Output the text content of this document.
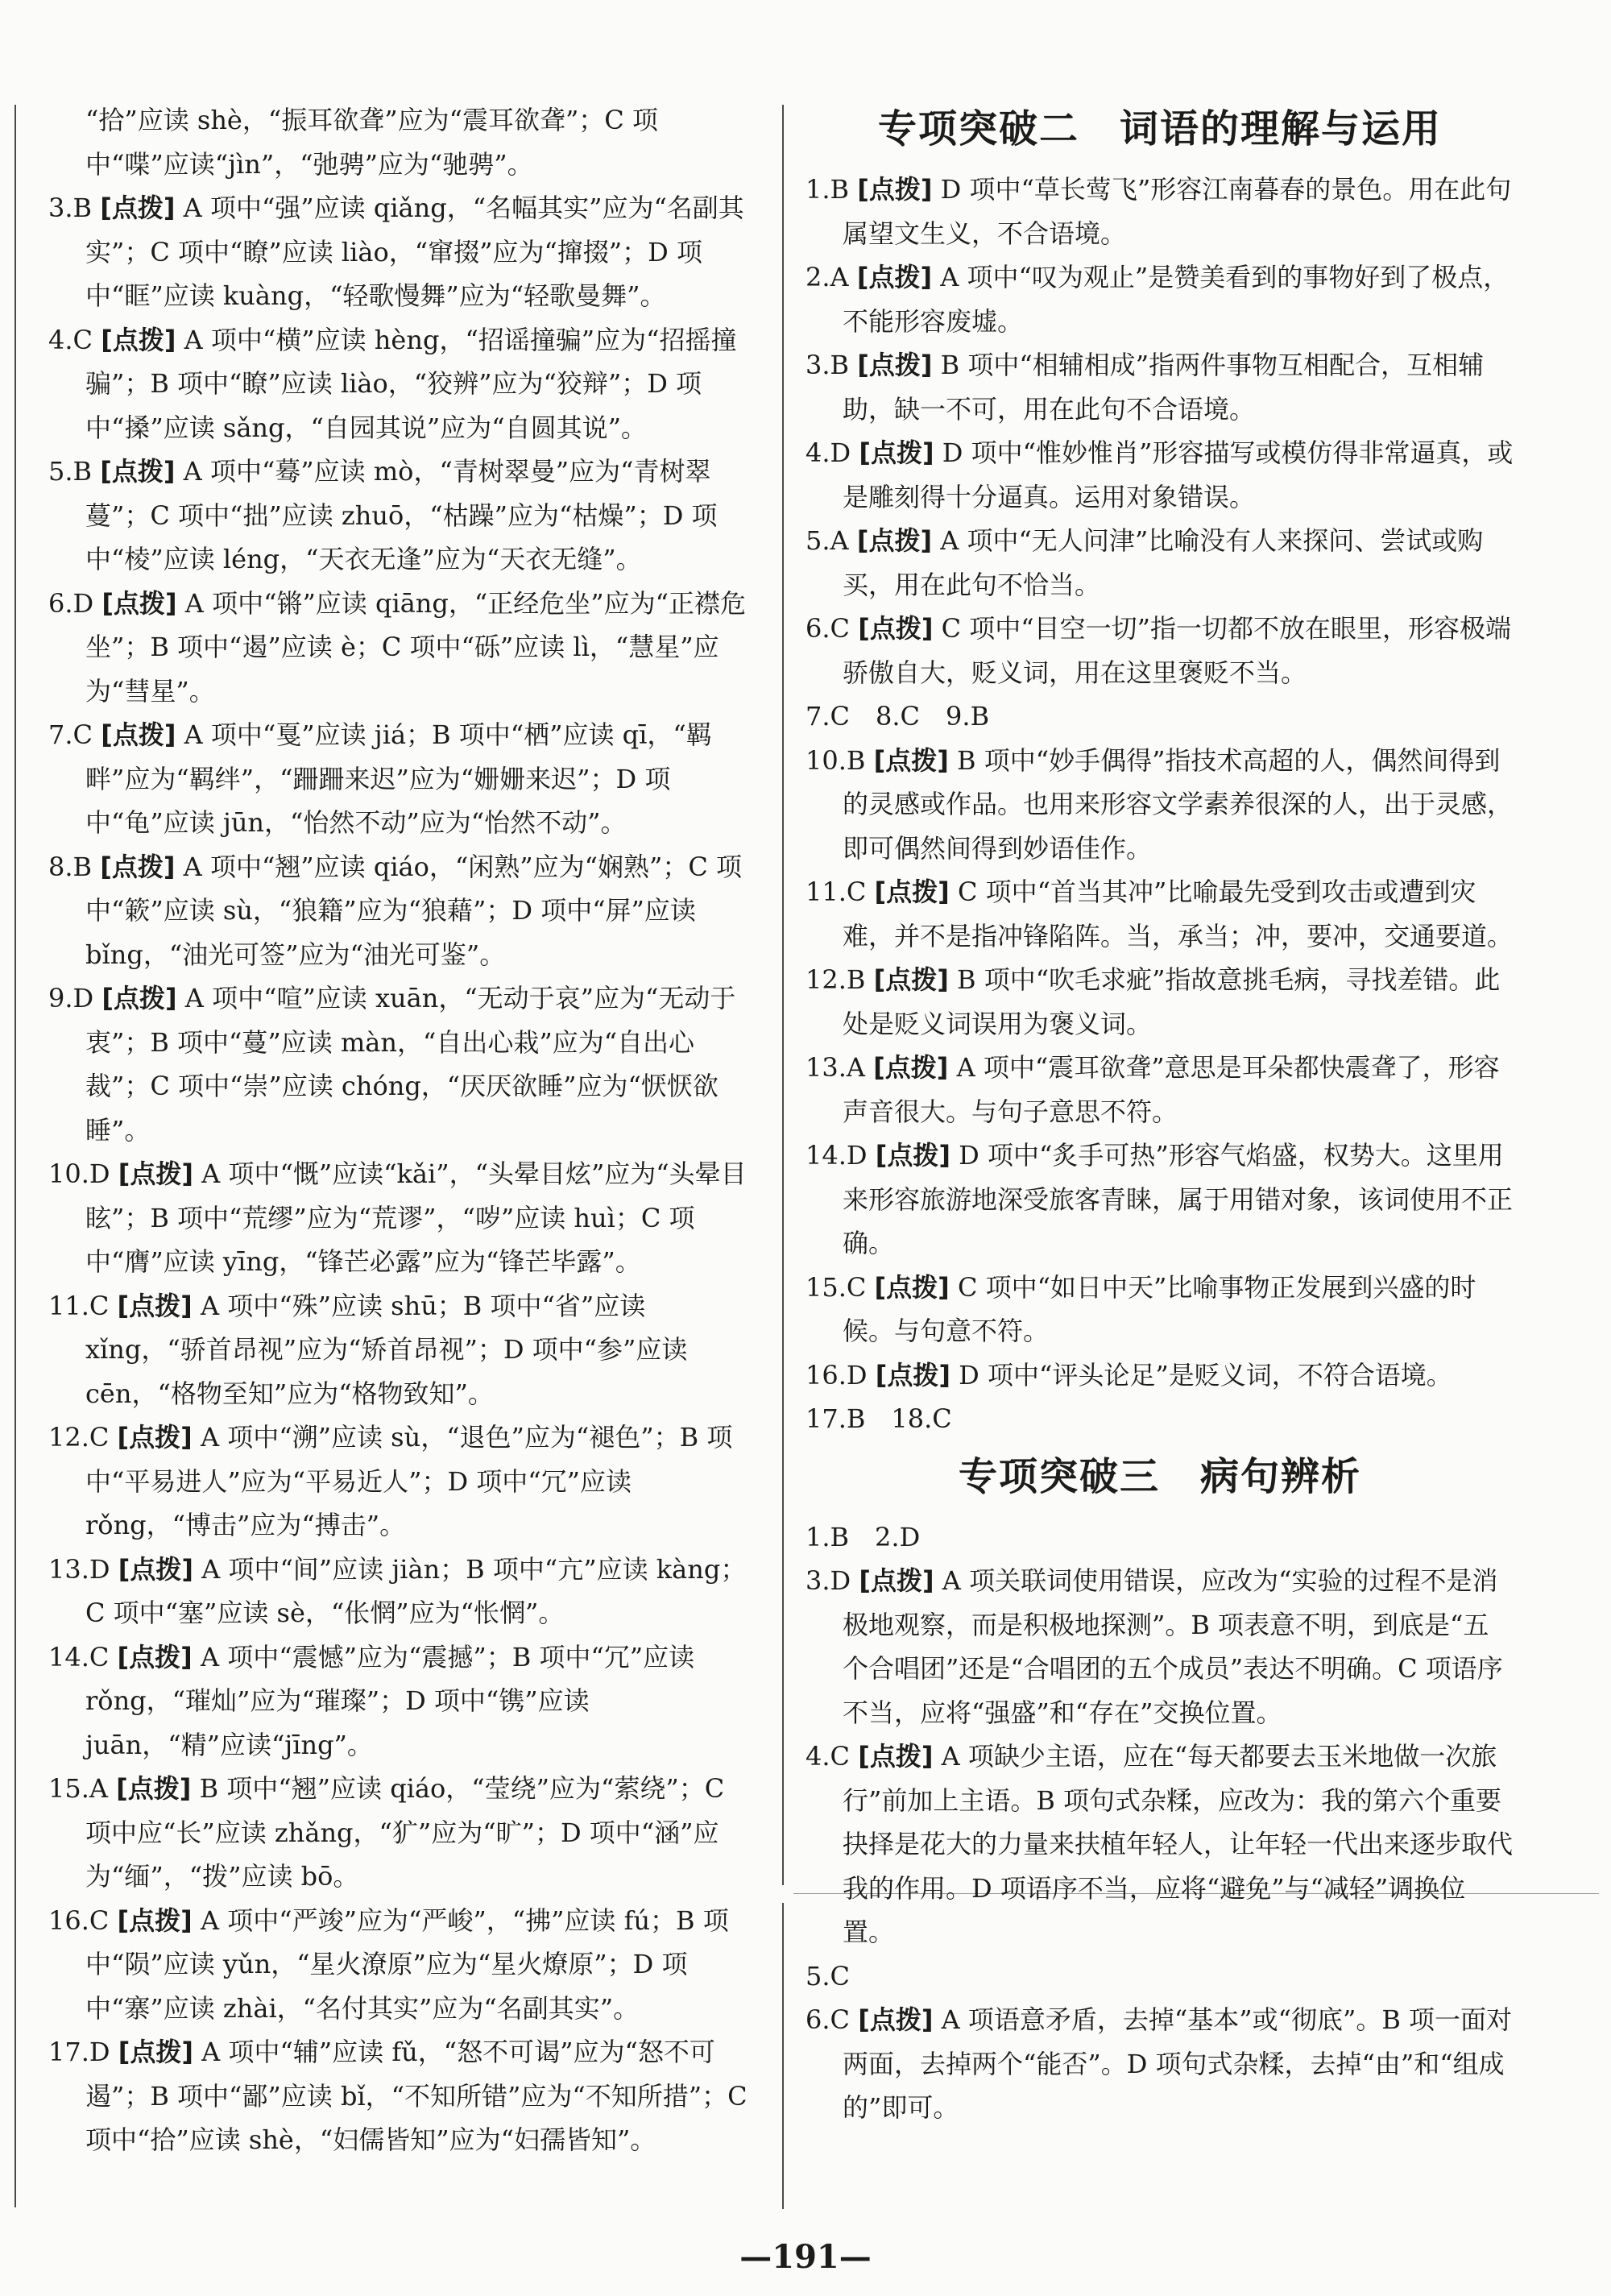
“拾”应读 shè，“振耳欲聋”应为“震耳欲聋”；C 项中“喋”应读“jìn”，“弛骋”应为“驰骋”。

3.B [点拨] A 项中“强”应读 qiǎng，“名幅其实”应为“名副其实”；C 项中“瞭”应读 liào，“窜掇”应为“撺掇”；D 项中“眶”应读 kuàng，“轻歌慢舞”应为“轻歌曼舞”。

4.C [点拨] A 项中“横”应读 hèng，“招谣撞骗”应为“招摇撞骗”；B 项中“瞭”应读 liào，“狡辨”应为“狡辩”；D 项中“搡”应读 sǎng，“自园其说”应为“自圆其说”。

5.B [点拨] A 项中“蓦”应读 mò，“青树翠曼”应为“青树翠蔓”；C 项中“拙”应读 zhuō，“枯躁”应为“枯燥”；D 项中“棱”应读 léng，“天衣无逢”应为“天衣无缝”。

6.D [点拨] A 项中“锵”应读 qiāng，“正经危坐”应为“正襟危坐”；B 项中“遏”应读 è；C 项中“砾”应读 lì，“慧星”应为“彗星”。

7.C [点拨] A 项中“戛”应读 jiá；B 项中“栖”应读 qī，“羁畔”应为“羁绊”，“跚跚来迟”应为“姗姗来迟”；D 项中“龟”应读 jūn，“怡然不动”应为“怡然不动”。

8.B [点拨] A 项中“翘”应读 qiáo，“闲熟”应为“娴熟”；C 项中“簌”应读 sù，“狼籍”应为“狼藉”；D 项中“屏”应读 bǐng，“油光可签”应为“油光可鉴”。

9.D [点拨] A 项中“喧”应读 xuān，“无动于哀”应为“无动于衷”；B 项中“蔓”应读 màn，“自出心栽”应为“自出心裁”；C 项中“崇”应读 chóng，“厌厌欲睡”应为“恹恹欲睡”。

10.D [点拨] A 项中“慨”应读“kǎi”，“头晕目炫”应为“头晕目眩”；B 项中“荒缪”应为“荒谬”，“哕”应读 huì；C 项中“膺”应读 yīng，“锋芒必露”应为“锋芒毕露”。

11.C [点拨] A 项中“殊”应读 shū；B 项中“省”应读 xǐng，“骄首昂视”应为“矫首昂视”；D 项中“参”应读 cēn，“格物至知”应为“格物致知”。

12.C [点拨] A 项中“溯”应读 sù，“退色”应为“褪色”；B 项中“平易进人”应为“平易近人”；D 项中“冗”应读 rǒng，“博击”应为“搏击”。

13.D [点拨] A 项中“间”应读 jiàn；B 项中“亢”应读 kàng；C 项中“塞”应读 sè，“伥惘”应为“怅惘”。

14.C [点拨] A 项中“震憾”应为“震撼”；B 项中“冗”应读 rǒng，“璀灿”应为“璀璨”；D 项中“镌”应读 juān，“精”应读“jīng”。

15.A [点拨] B 项中“翘”应读 qiáo，“莹绕”应为“萦绕”；C 项中应“长”应读 zhǎng，“犷”应为“旷”；D 项中“涵”应为“缅”，“拨”应读 bō。

16.C [点拨] A 项中“严竣”应为“严峻”，“拂”应读 fú；B 项中“陨”应读 yǔn，“星火潦原”应为“星火燎原”；D 项中“寨”应读 zhài，“名付其实”应为“名副其实”。

17.D [点拨] A 项中“辅”应读 fǔ，“怒不可谒”应为“怒不可遏”；B 项中“鄙”应读 bǐ，“不知所错”应为“不知所措”；C 项中“拾”应读 shè，“妇儒皆知”应为“妇孺皆知”。

专项突破二　词语的理解与运用

1.B [点拨] D 项中“草长莺飞”形容江南暮春的景色。用在此句属望文生义，不合语境。

2.A [点拨] A 项中“叹为观止”是赞美看到的事物好到了极点，不能形容废墟。

3.B [点拨] B 项中“相辅相成”指两件事物互相配合，互相辅助，缺一不可，用在此句不合语境。

4.D [点拨] D 项中“惟妙惟肖”形容描写或模仿得非常逼真，或是雕刻得十分逼真。运用对象错误。

5.A [点拨] A 项中“无人问津”比喻没有人来探问、尝试或购买，用在此句不恰当。

6.C [点拨] C 项中“目空一切”指一切都不放在眼里，形容极端骄傲自大，贬义词，用在这里褒贬不当。

7.C　8.C　9.B

10.B [点拨] B 项中“妙手偶得”指技术高超的人，偶然间得到的灵感或作品。也用来形容文学素养很深的人，出于灵感，即可偶然间得到妙语佳作。

11.C [点拨] C 项中“首当其冲”比喻最先受到攻击或遭到灾难，并不是指冲锋陷阵。当，承当；冲，要冲，交通要道。

12.B [点拨] B 项中“吹毛求疵”指故意挑毛病，寻找差错。此处是贬义词误用为褒义词。

13.A [点拨] A 项中“震耳欲聋”意思是耳朵都快震聋了，形容声音很大。与句子意思不符。

14.D [点拨] D 项中“炙手可热”形容气焰盛，权势大。这里用来形容旅游地深受旅客青睐，属于用错对象，该词使用不正确。

15.C [点拨] C 项中“如日中天”比喻事物正发展到兴盛的时候。与句意不符。

16.D [点拨] D 项中“评头论足”是贬义词，不符合语境。

17.B　18.C

专项突破三　病句辨析

1.B　2.D

3.D [点拨] A 项关联词使用错误，应改为“实验的过程不是消极地观察，而是积极地探测”。B 项表意不明，到底是“五个合唱团”还是“合唱团的五个成员”表达不明确。C 项语序不当，应将“强盛”和“存在”交换位置。

4.C [点拨] A 项缺少主语，应在“每天都要去玉米地做一次旅行”前加上主语。B 项句式杂糅，应改为：我的第六个重要抉择是花大的力量来扶植年轻人，让年轻一代出来逐步取代我的作用。D 项语序不当，应将“避免”与“减轻”调换位置。

5.C

6.C [点拨] A 项语意矛盾，去掉“基本”或“彻底”。B 项一面对两面，去掉两个“能否”。D 项句式杂糅，去掉“由”和“组成的”即可。

—191—
